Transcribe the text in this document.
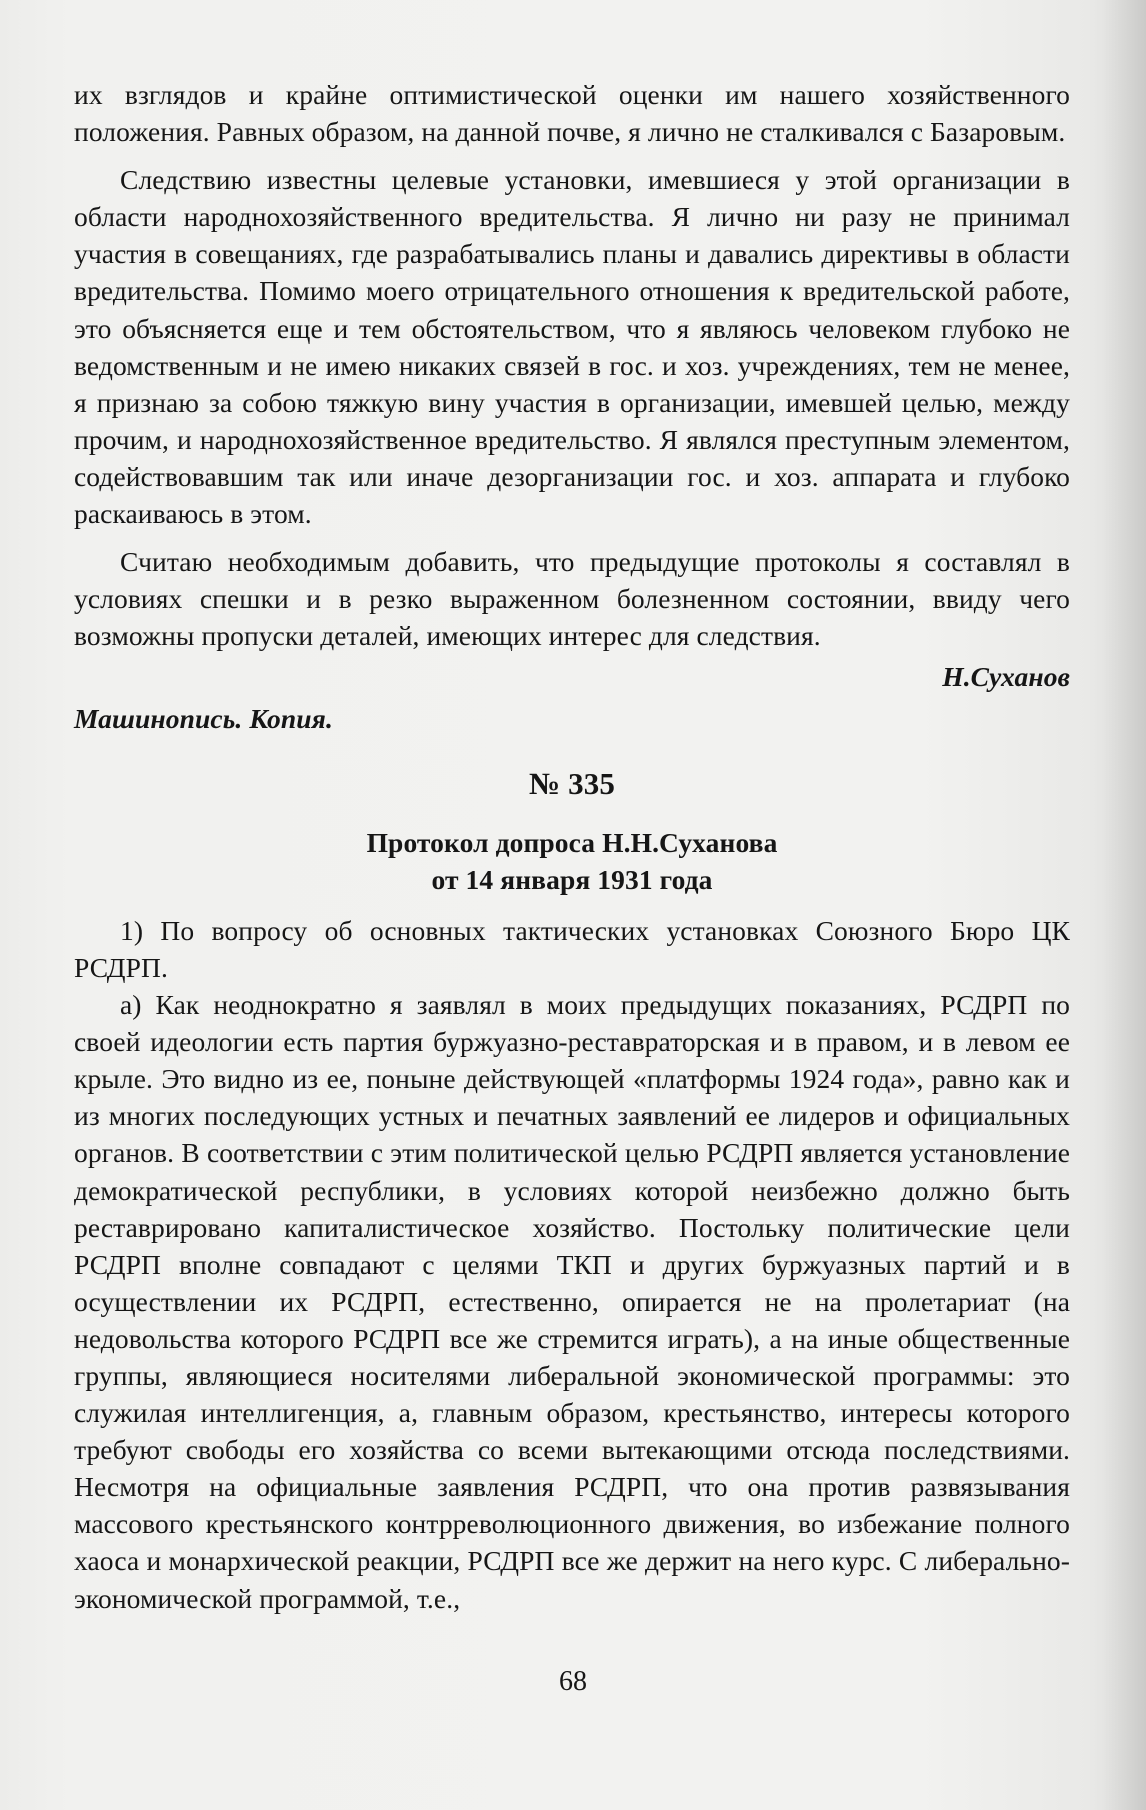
их взглядов и крайне оптимистической оценки им нашего хозяйственного положения. Равных образом, на данной почве, я лично не сталкивался с Базаровым.

Следствию известны целевые установки, имевшиеся у этой организации в области народнохозяйственного вредительства. Я лично ни разу не принимал участия в совещаниях, где разрабатывались планы и давались директивы в области вредительства. Помимо моего отрицательного отношения к вредительской работе, это объясняется еще и тем обстоятельством, что я являюсь человеком глубоко не ведомственным и не имею никаких связей в гос. и хоз. учреждениях, тем не менее, я признаю за собою тяжкую вину участия в организации, имевшей целью, между прочим, и народнохозяйственное вредительство. Я являлся преступным элементом, содействовавшим так или иначе дезорганизации гос. и хоз. аппарата и глубоко раскаиваюсь в этом.

Считаю необходимым добавить, что предыдущие протоколы я составлял в условиях спешки и в резко выраженном болезненном состоянии, ввиду чего возможны пропуски деталей, имеющих интерес для следствия.

Н.Суханов

Машинопись. Копия.

№ 335

Протокол допроса Н.Н.Суханова

от 14 января 1931 года

1) По вопросу об основных тактических установках Союзного Бюро ЦК РСДРП.

а) Как неоднократно я заявлял в моих предыдущих показаниях, РСДРП по своей идеологии есть партия буржуазно-реставраторская и в правом, и в левом ее крыле. Это видно из ее, поныне действующей «платформы 1924 года», равно как и из многих последующих устных и печатных заявлений ее лидеров и официальных органов. В соответствии с этим политической целью РСДРП является установление демократической республики, в условиях которой неизбежно должно быть реставрировано капиталистическое хозяйство. Постольку политические цели РСДРП вполне совпадают с целями ТКП и других буржуазных партий и в осуществлении их РСДРП, естественно, опирается не на пролетариат (на недовольства которого РСДРП все же стремится играть), а на иные общественные группы, являющиеся носителями либеральной экономической программы: это служилая интеллигенция, а, главным образом, крестьянство, интересы которого требуют свободы его хозяйства со всеми вытекающими отсюда последствиями. Несмотря на официальные заявления РСДРП, что она против развязывания массового крестьянского контрреволюционного движения, во избежание полного хаоса и монархической реакции, РСДРП все же держит на него курс. С либерально-экономической программой, т.е.,

68
